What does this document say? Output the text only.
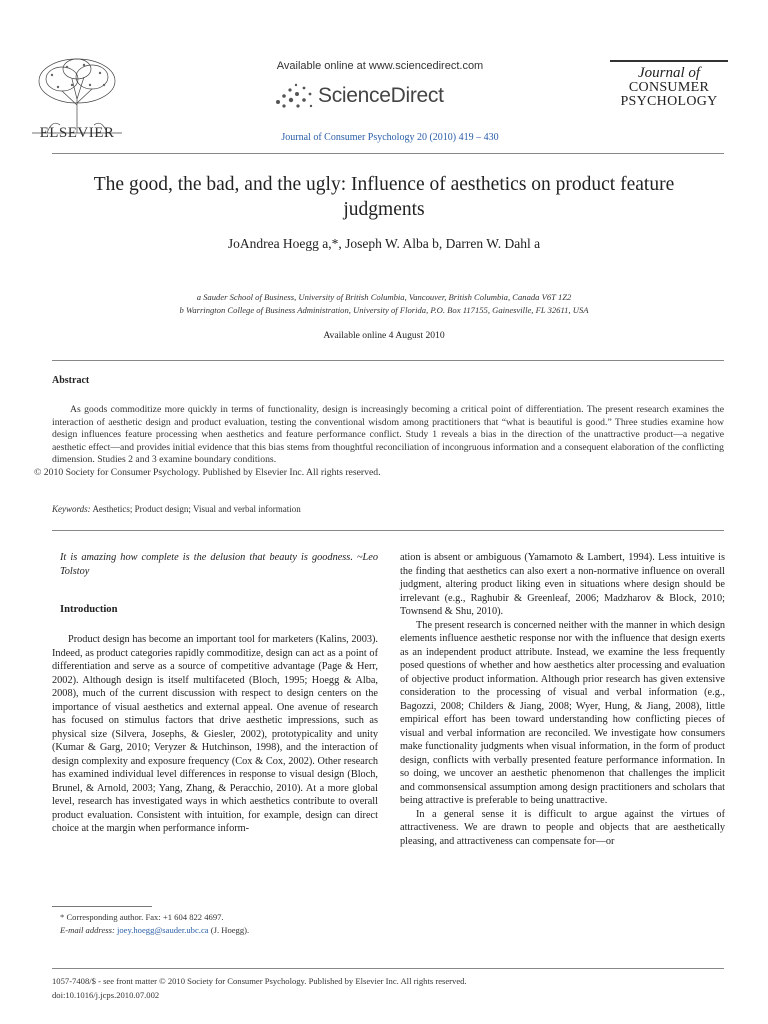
ELSEVIER
Available online at www.sciencedirect.com
ScienceDirect
Journal of Consumer Psychology 20 (2010) 419 – 430
Journal of
CONSUMER
PSYCHOLOGY
The good, the bad, and the ugly: Influence of aesthetics on product feature judgments
JoAndrea Hoegg a,*, Joseph W. Alba b, Darren W. Dahl a
a Sauder School of Business, University of British Columbia, Vancouver, British Columbia, Canada V6T 1Z2
b Warrington College of Business Administration, University of Florida, P.O. Box 117155, Gainesville, FL 32611, USA
Available online 4 August 2010
Abstract
As goods commoditize more quickly in terms of functionality, design is increasingly becoming a critical point of differentiation. The present research examines the interaction of aesthetic design and product evaluation, testing the conventional wisdom among practitioners that “what is beautiful is good.” Three studies examine how design influences feature processing when aesthetics and feature performance conflict. Study 1 reveals a bias in the direction of the unattractive product—a negative aesthetic effect—and provides initial evidence that this bias stems from thoughtful reconciliation of incongruous information and a consequent elaboration of the conflicting dimension. Studies 2 and 3 examine boundary conditions.
© 2010 Society for Consumer Psychology. Published by Elsevier Inc. All rights reserved.
Keywords: Aesthetics; Product design; Visual and verbal information
It is amazing how complete is the delusion that beauty is goodness. ~Leo Tolstoy
Introduction

Product design has become an important tool for marketers (Kalins, 2003). Indeed, as product categories rapidly commoditize, design can act as a point of differentiation and serve as a source of competitive advantage (Page & Herr, 2002). Although design is itself multifaceted (Bloch, 1995; Hoegg & Alba, 2008), much of the current discussion with respect to design centers on the importance of visual aesthetics and external appeal. One avenue of research has focused on stimulus factors that drive aesthetic impressions, such as physical size (Silvera, Josephs, & Giesler, 2002), prototypicality and unity (Kumar & Garg, 2010; Veryzer & Hutchinson, 1998), and the interaction of design complexity and exposure frequency (Cox & Cox, 2002). Other research has examined individual level differences in response to visual design (Bloch, Brunel, & Arnold, 2003; Yang, Zhang, & Peracchio, 2010). At a more global level, research has investigated ways in which aesthetics contribute to overall product evaluation. Consistent with intuition, for example, design can direct choice at the margin when performance inform-

ation is absent or ambiguous (Yamamoto & Lambert, 1994). Less intuitive is the finding that aesthetics can also exert a non-normative influence on overall judgment, altering product liking even in situations where design should be irrelevant (e.g., Raghubir & Greenleaf, 2006; Madzharov & Block, 2010; Townsend & Shu, 2010).

The present research is concerned neither with the manner in which design elements influence aesthetic response nor with the influence that design exerts as an independent product attribute. Instead, we examine the less frequently posed questions of whether and how aesthetics alter processing and evaluation of objective product information. Although prior research has given extensive consideration to the processing of visual and verbal information (e.g., Bagozzi, 2008; Childers & Jiang, 2008; Wyer, Hung, & Jiang, 2008), little empirical effort has been toward understanding how conflicting pieces of visual and verbal information are reconciled. We investigate how consumers make functionality judgments when visual information, in the form of product design, conflicts with verbally presented feature performance information. In so doing, we uncover an aesthetic phenomenon that challenges the implicit and commonsensical assumption among design practitioners and scholars that being attractive is preferable to being unattractive.

In a general sense it is difficult to argue against the virtues of attractiveness. We are drawn to people and objects that are aesthetically pleasing, and attractiveness can compensate for—or

* Corresponding author. Fax: +1 604 822 4697.
E-mail address: joey.hoegg@sauder.ubc.ca (J. Hoegg).
1057-7408/$ - see front matter © 2010 Society for Consumer Psychology. Published by Elsevier Inc. All rights reserved.
doi:10.1016/j.jcps.2010.07.002
